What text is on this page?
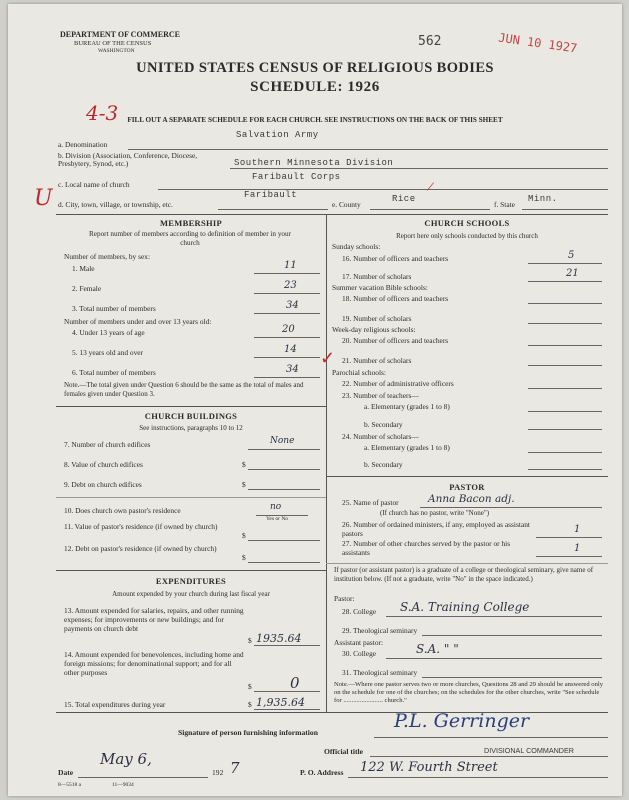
DEPARTMENT OF COMMERCE
BUREAU OF THE CENSUS
WASHINGTON
562	JUN 10 1927
UNITED STATES CENSUS OF RELIGIOUS BODIES
SCHEDULE: 1926
4-3	FILL OUT A SEPARATE SCHEDULE FOR EACH CHURCH. SEE INSTRUCTIONS ON THE BACK OF THIS SHEET
a. Denomination
Salvation Army
b. Division (Association, Conference, Diocese, Presbytery, Synod, etc.)	Southern Minnesota Division
c. Local name of church
Faribault Corps
U d. City, town, village, or township, etc.
Faribault
e. County
Rice
/
f. State
Minn.
MEMBERSHIP
Report number of members according to definition of member in your church
Number of members, by sex:
1. Male	11
2. Female	23
3. Total number of members	34
Number of members under and over 13 years old:
4. Under 13 years of age	20
5. 13 years old and over	14
6. Total number of members	34
✓
Note.—The total given under Question 6 should be the same as the total of males and females given under Question 3.
CHURCH BUILDINGS
See instructions, paragraphs 10 to 12
7. Number of church edifices	None
8. Value of church edifices	$
9. Debt on church edifices	$
10. Does church own pastor's residence	no
Yes or No
11. Value of pastor's residence (if owned by church)
$
12. Debt on pastor's residence (if owned by church)
$
EXPENDITURES
Amount expended by your church during last fiscal year
13. Amount expended for salaries, repairs, and other running expenses; for improvements or new buildings; and for payments on church debt
$ 1935.64
14. Amount expended for benevolences, including home and foreign missions; for denominational support; and for all other purposes
$	0
15. Total expenditures during year	$ 1,935.64
CHURCH SCHOOLS
Report here only schools conducted by this church
Sunday schools:
16. Number of officers and teachers	5
17. Number of scholars	21
Summer vacation Bible schools:
18. Number of officers and teachers
19. Number of scholars
Week-day religious schools:
20. Number of officers and teachers
21. Number of scholars
Parochial schools:
22. Number of administrative officers
23. Number of teachers—
a. Elementary (grades 1 to 8)
b. Secondary
24. Number of scholars—
a. Elementary (grades 1 to 8)
b. Secondary
PASTOR
25. Name of pastor	Anna Bacon adj.
(If church has no pastor, write "None")
26. Number of ordained ministers, if any, employed as assistant pastors	1
27. Number of other churches served by the pastor or his assistants	1
If pastor (or assistant pastor) is a graduate of a college or theological seminary, give name of institution below. (If not a graduate, write "No" in the space indicated.)
Pastor:
28. College S.A. Training College
29. Theological seminary
Assistant pastor:
30. College	S.A. " "
31. Theological seminary
Note.—Where one pastor serves two or more churches, Questions 28 and 29 should be answered only on the schedule for one of the churches; on the schedules for the other churches, write "See schedule for ........................ church."
Signature of person furnishing information
P.L. Gerringer
Official title	DIVISIONAL COMMANDER
Date
May 6,
192 7	P. O. Address 122 W. Fourth Street
8—5518 a	11—9034
